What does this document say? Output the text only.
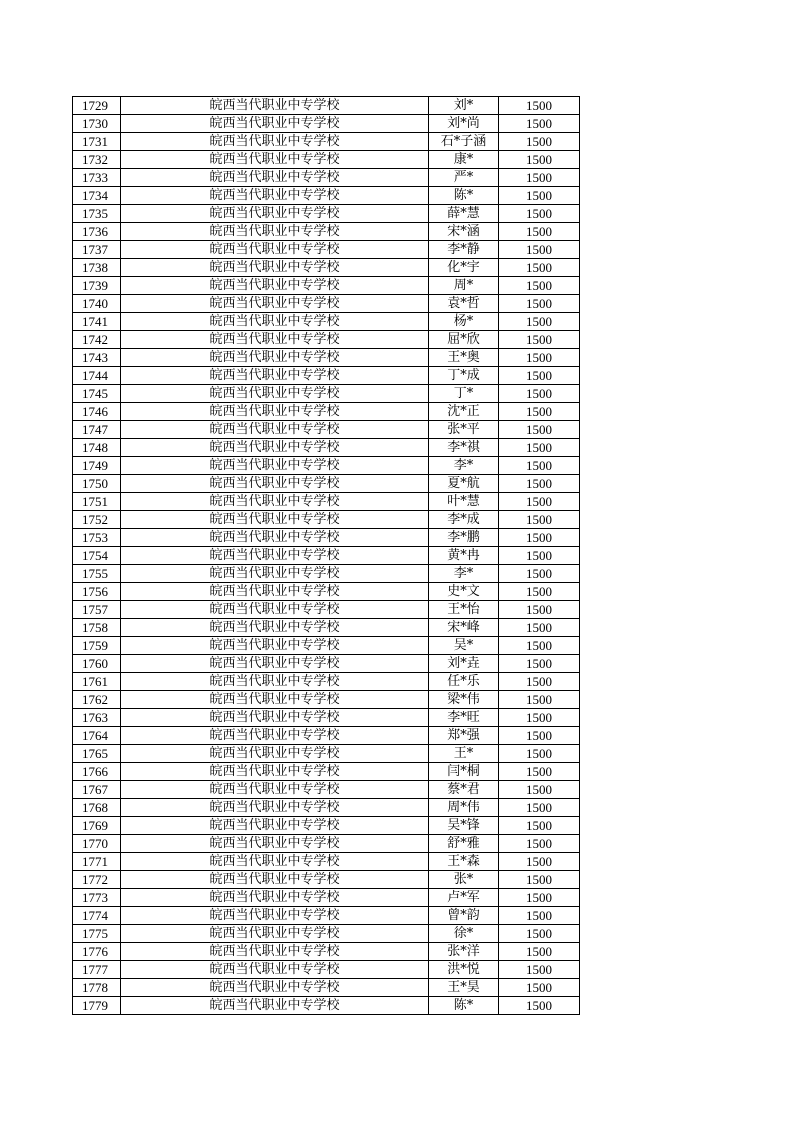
1729	皖西当代职业中专学校	刘*	1500
1730	皖西当代职业中专学校	刘*尚	1500
1731	皖西当代职业中专学校	石*子涵	1500
1732	皖西当代职业中专学校	康*	1500
1733	皖西当代职业中专学校	严*	1500
1734	皖西当代职业中专学校	陈*	1500
1735	皖西当代职业中专学校	薛*慧	1500
1736	皖西当代职业中专学校	宋*涵	1500
1737	皖西当代职业中专学校	李*静	1500
1738	皖西当代职业中专学校	化*宇	1500
1739	皖西当代职业中专学校	周*	1500
1740	皖西当代职业中专学校	袁*哲	1500
1741	皖西当代职业中专学校	杨*	1500
1742	皖西当代职业中专学校	屈*欣	1500
1743	皖西当代职业中专学校	王*奥	1500
1744	皖西当代职业中专学校	丁*成	1500
1745	皖西当代职业中专学校	丁*	1500
1746	皖西当代职业中专学校	沈*正	1500
1747	皖西当代职业中专学校	张*平	1500
1748	皖西当代职业中专学校	李*祺	1500
1749	皖西当代职业中专学校	李*	1500
1750	皖西当代职业中专学校	夏*航	1500
1751	皖西当代职业中专学校	叶*慧	1500
1752	皖西当代职业中专学校	李*成	1500
1753	皖西当代职业中专学校	李*鹏	1500
1754	皖西当代职业中专学校	黄*冉	1500
1755	皖西当代职业中专学校	李*	1500
1756	皖西当代职业中专学校	史*文	1500
1757	皖西当代职业中专学校	王*怡	1500
1758	皖西当代职业中专学校	宋*峰	1500
1759	皖西当代职业中专学校	吴*	1500
1760	皖西当代职业中专学校	刘*垚	1500
1761	皖西当代职业中专学校	任*乐	1500
1762	皖西当代职业中专学校	梁*伟	1500
1763	皖西当代职业中专学校	李*旺	1500
1764	皖西当代职业中专学校	郑*强	1500
1765	皖西当代职业中专学校	王*	1500
1766	皖西当代职业中专学校	闫*桐	1500
1767	皖西当代职业中专学校	蔡*君	1500
1768	皖西当代职业中专学校	周*伟	1500
1769	皖西当代职业中专学校	吴*锋	1500
1770	皖西当代职业中专学校	舒*雅	1500
1771	皖西当代职业中专学校	王*森	1500
1772	皖西当代职业中专学校	张*	1500
1773	皖西当代职业中专学校	卢*军	1500
1774	皖西当代职业中专学校	曾*韵	1500
1775	皖西当代职业中专学校	徐*	1500
1776	皖西当代职业中专学校	张*洋	1500
1777	皖西当代职业中专学校	洪*悦	1500
1778	皖西当代职业中专学校	王*昊	1500
1779	皖西当代职业中专学校	陈*	1500
